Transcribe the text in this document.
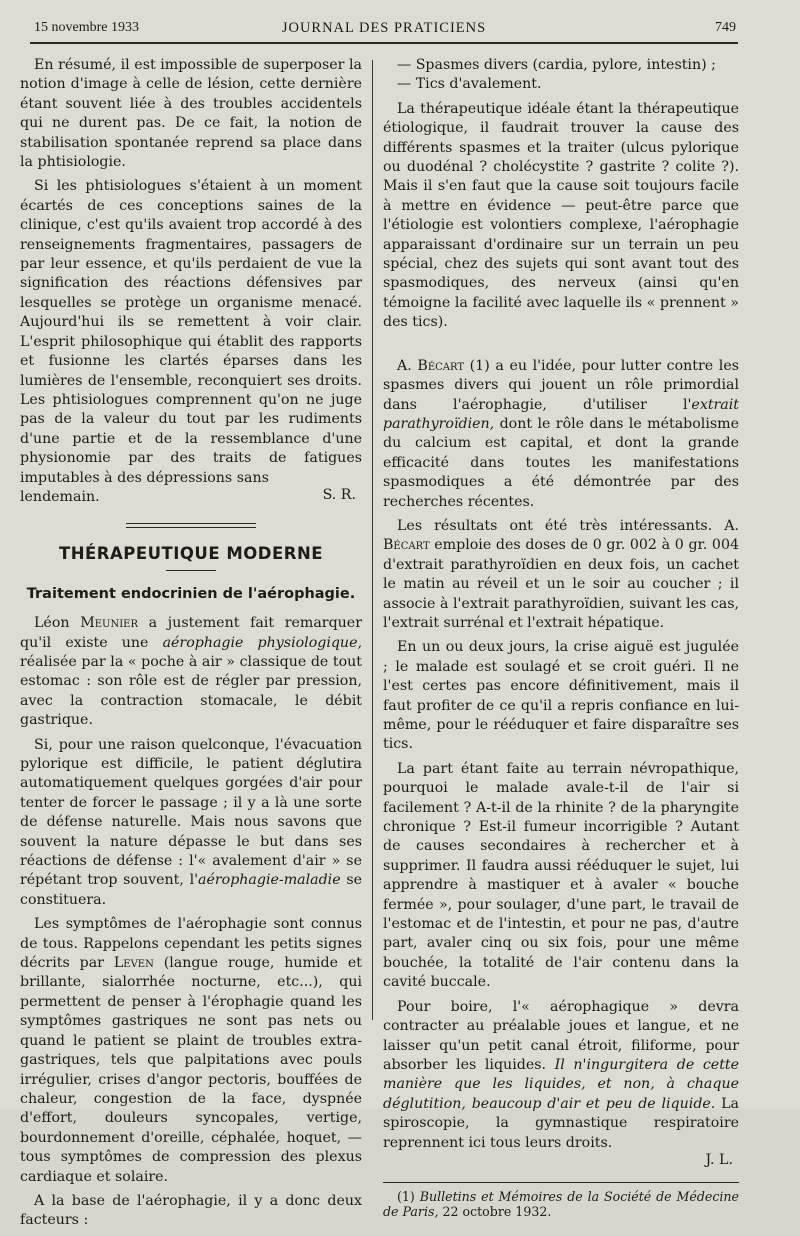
15 novembre 1933	JOURNAL DES PRATICIENS	749

En résumé, il est impossible de superposer la notion d'image à celle de lésion, cette dernière étant souvent liée à des troubles accidentels qui ne durent pas. De ce fait, la notion de stabilisation spontanée reprend sa place dans la phtisiologie.

Si les phtisiologues s'étaient à un moment écartés de ces conceptions saines de la clinique, c'est qu'ils avaient trop accordé à des renseignements fragmentaires, passagers de par leur essence, et qu'ils perdaient de vue la signification des réactions défensives par lesquelles se protège un organisme menacé. Aujourd'hui ils se remettent à voir clair. L'esprit philosophique qui établit des rapports et fusionne les clartés éparses dans les lumières de l'ensemble, reconquiert ses droits. Les phtisiologues comprennent qu'on ne juge pas de la valeur du tout par les rudiments d'une partie et de la ressemblance d'une physionomie par des traits de fatigues imputables à des dépressions sans

lendemain.	S. R.
THÉRAPEUTIQUE MODERNE
Traitement endocrinien de l'aérophagie.

Léon Meunier a justement fait remarquer qu'il existe une aérophagie physiologique, réalisée par la « poche à air » classique de tout estomac : son rôle est de régler par pression, avec la contraction stomacale, le débit gastrique.

Si, pour une raison quelconque, l'évacuation pylorique est difficile, le patient déglutira automatiquement quelques gorgées d'air pour tenter de forcer le passage ; il y a là une sorte de défense naturelle. Mais nous savons que souvent la nature dépasse le but dans ses réactions de défense : l'« avalement d'air » se répétant trop souvent, l'aérophagie-maladie se constituera.

Les symptômes de l'aérophagie sont connus de tous. Rappelons cependant les petits signes décrits par Leven (langue rouge, humide et brillante, sialorrhée nocturne, etc...), qui permettent de penser à l'érophagie quand les symptômes gastriques ne sont pas nets ou quand le patient se plaint de troubles extra-gastriques, tels que palpitations avec pouls irrégulier, crises d'angor pectoris, bouffées de chaleur, congestion de la face, dyspnée d'effort, douleurs syncopales, vertige, bourdonnement d'oreille, céphalée, hoquet, — tous symptômes de compression des plexus cardiaque et solaire.

A la base de l'aérophagie, il y a donc deux facteurs :

— Spasmes divers (cardia, pylore, intestin) ;

— Tics d'avalement.

La thérapeutique idéale étant la thérapeutique étiologique, il faudrait trouver la cause des différents spasmes et la traiter (ulcus pylorique ou duodénal ? cholécystite ? gastrite ? colite ?). Mais il s'en faut que la cause soit toujours facile à mettre en évidence — peut-être parce que l'étiologie est volontiers complexe, l'aérophagie apparaissant d'ordinaire sur un terrain un peu spécial, chez des sujets qui sont avant tout des spasmodiques, des nerveux (ainsi qu'en témoigne la facilité avec laquelle ils « prennent » des tics).

A. Bécart (1) a eu l'idée, pour lutter contre les spasmes divers qui jouent un rôle primordial dans l'aérophagie, d'utiliser l'extrait parathyroïdien, dont le rôle dans le métabolisme du calcium est capital, et dont la grande efficacité dans toutes les manifestations spasmodiques a été démontrée par des recherches récentes.

Les résultats ont été très intéressants. A. Bécart emploie des doses de 0 gr. 002 à 0 gr. 004 d'extrait parathyroïdien en deux fois, un cachet le matin au réveil et un le soir au coucher ; il associe à l'extrait parathyroïdien, suivant les cas, l'extrait surrénal et l'extrait hépatique.

En un ou deux jours, la crise aiguë est jugulée ; le malade est soulagé et se croit guéri. Il ne l'est certes pas encore définitivement, mais il faut profiter de ce qu'il a repris confiance en lui-même, pour le rééduquer et faire disparaître ses tics.

La part étant faite au terrain névropathique, pourquoi le malade avale-t-il de l'air si facilement ? A-t-il de la rhinite ? de la pharyngite chronique ? Est-il fumeur incorrigible ? Autant de causes secondaires à rechercher et à supprimer. Il faudra aussi rééduquer le sujet, lui apprendre à mastiquer et à avaler « bouche fermée », pour soulager, d'une part, le travail de l'estomac et de l'intestin, et pour ne pas, d'autre part, avaler cinq ou six fois, pour une même bouchée, la totalité de l'air contenu dans la cavité buccale.

Pour boire, l'« aérophagique » devra contracter au préalable joues et langue, et ne laisser qu'un petit canal étroit, filiforme, pour absorber les liquides. Il n'ingurgitera de cette manière que les liquides, et non, à chaque déglutition, beaucoup d'air et peu de liquide. La spiroscopie, la gymnastique respiratoire reprennent ici tous leurs droits.

J. L.

(1) Bulletins et Mémoires de la Société de Médecine de Paris, 22 octobre 1932.
